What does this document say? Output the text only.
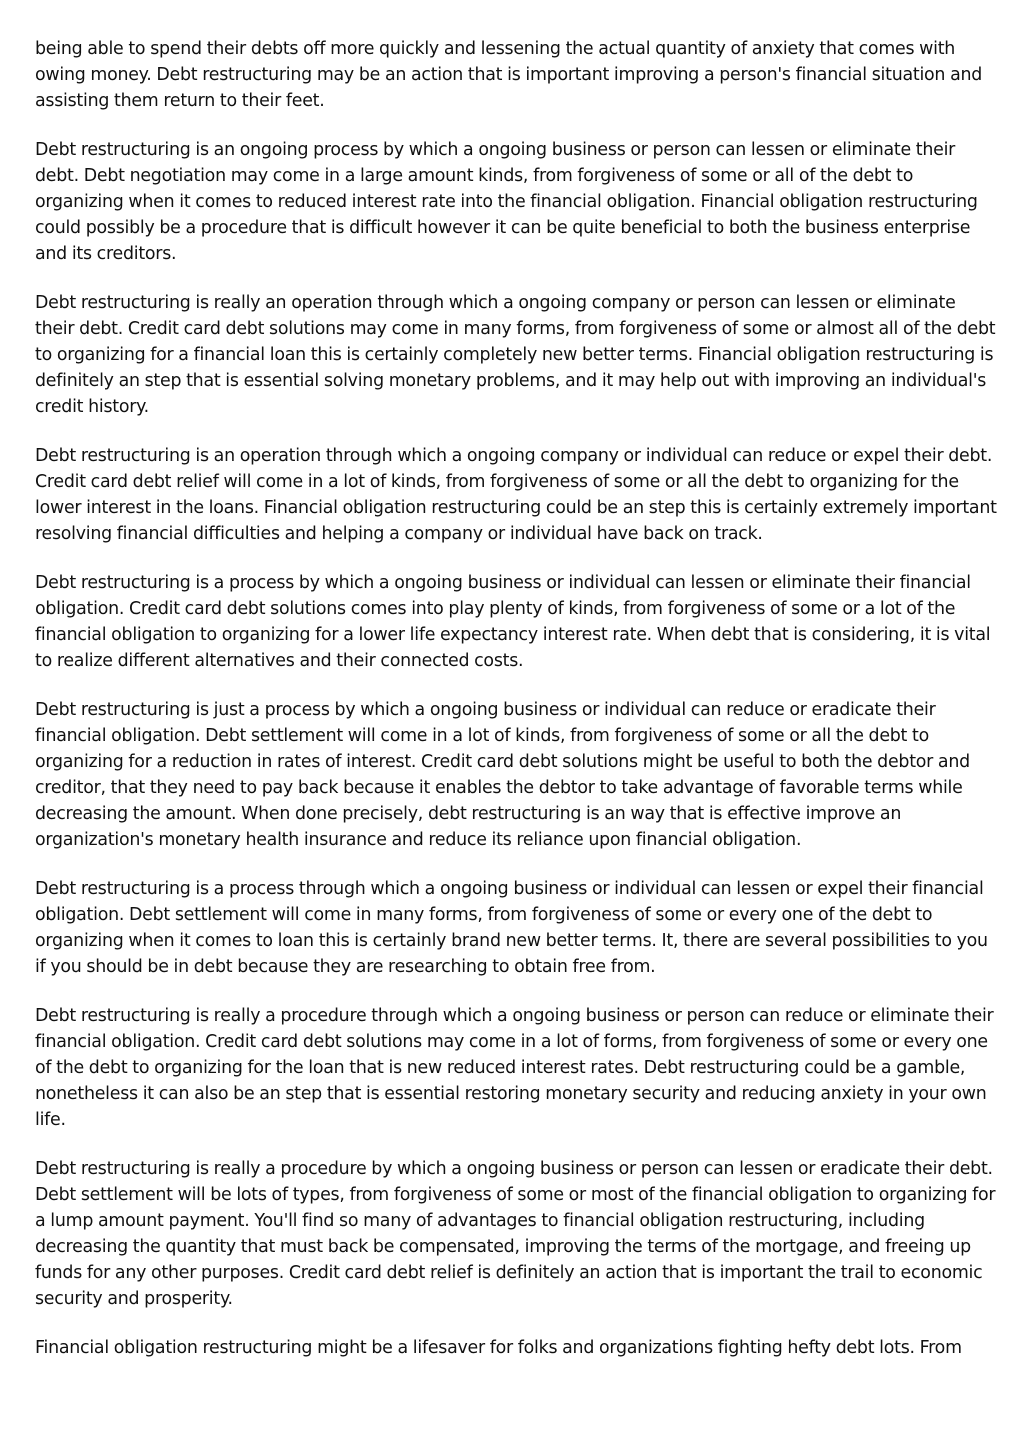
being able to spend their debts off more quickly and lessening the actual quantity of anxiety that comes with owing money. Debt restructuring may be an action that is important improving a person's financial situation and assisting them return to their feet.

Debt restructuring is an ongoing process by which a ongoing business or person can lessen or eliminate their debt. Debt negotiation may come in a large amount kinds, from forgiveness of some or all of the debt to organizing when it comes to reduced interest rate into the financial obligation. Financial obligation restructuring could possibly be a procedure that is difficult however it can be quite beneficial to both the business enterprise and its creditors.

Debt restructuring is really an operation through which a ongoing company or person can lessen or eliminate their debt. Credit card debt solutions may come in many forms, from forgiveness of some or almost all of the debt to organizing for a financial loan this is certainly completely new better terms. Financial obligation restructuring is definitely an step that is essential solving monetary problems, and it may help out with improving an individual's credit history.

Debt restructuring is an operation through which a ongoing company or individual can reduce or expel their debt. Credit card debt relief will come in a lot of kinds, from forgiveness of some or all the debt to organizing for the lower interest in the loans. Financial obligation restructuring could be an step this is certainly extremely important resolving financial difficulties and helping a company or individual have back on track.

Debt restructuring is a process by which a ongoing business or individual can lessen or eliminate their financial obligation. Credit card debt solutions comes into play plenty of kinds, from forgiveness of some or a lot of the financial obligation to organizing for a lower life expectancy interest rate. When debt that is considering, it is vital to realize different alternatives and their connected costs.

Debt restructuring is just a process by which a ongoing business or individual can reduce or eradicate their financial obligation. Debt settlement will come in a lot of kinds, from forgiveness of some or all the debt to organizing for a reduction in rates of interest. Credit card debt solutions might be useful to both the debtor and creditor, that they need to pay back because it enables the debtor to take advantage of favorable terms while decreasing the amount. When done precisely, debt restructuring is an way that is effective improve an organization's monetary health insurance and reduce its reliance upon financial obligation.

Debt restructuring is a process through which a ongoing business or individual can lessen or expel their financial obligation. Debt settlement will come in many forms, from forgiveness of some or every one of the debt to organizing when it comes to loan this is certainly brand new better terms. It, there are several possibilities to you if you should be in debt because they are researching to obtain free from.

Debt restructuring is really a procedure through which a ongoing business or person can reduce or eliminate their financial obligation. Credit card debt solutions may come in a lot of forms, from forgiveness of some or every one of the debt to organizing for the loan that is new reduced interest rates. Debt restructuring could be a gamble, nonetheless it can also be an step that is essential restoring monetary security and reducing anxiety in your own life.

Debt restructuring is really a procedure by which a ongoing business or person can lessen or eradicate their debt. Debt settlement will be lots of types, from forgiveness of some or most of the financial obligation to organizing for a lump amount payment. You'll find so many of advantages to financial obligation restructuring, including decreasing the quantity that must back be compensated, improving the terms of the mortgage, and freeing up funds for any other purposes. Credit card debt relief is definitely an action that is important the trail to economic security and prosperity.

Financial obligation restructuring might be a lifesaver for folks and organizations fighting hefty debt lots. From
